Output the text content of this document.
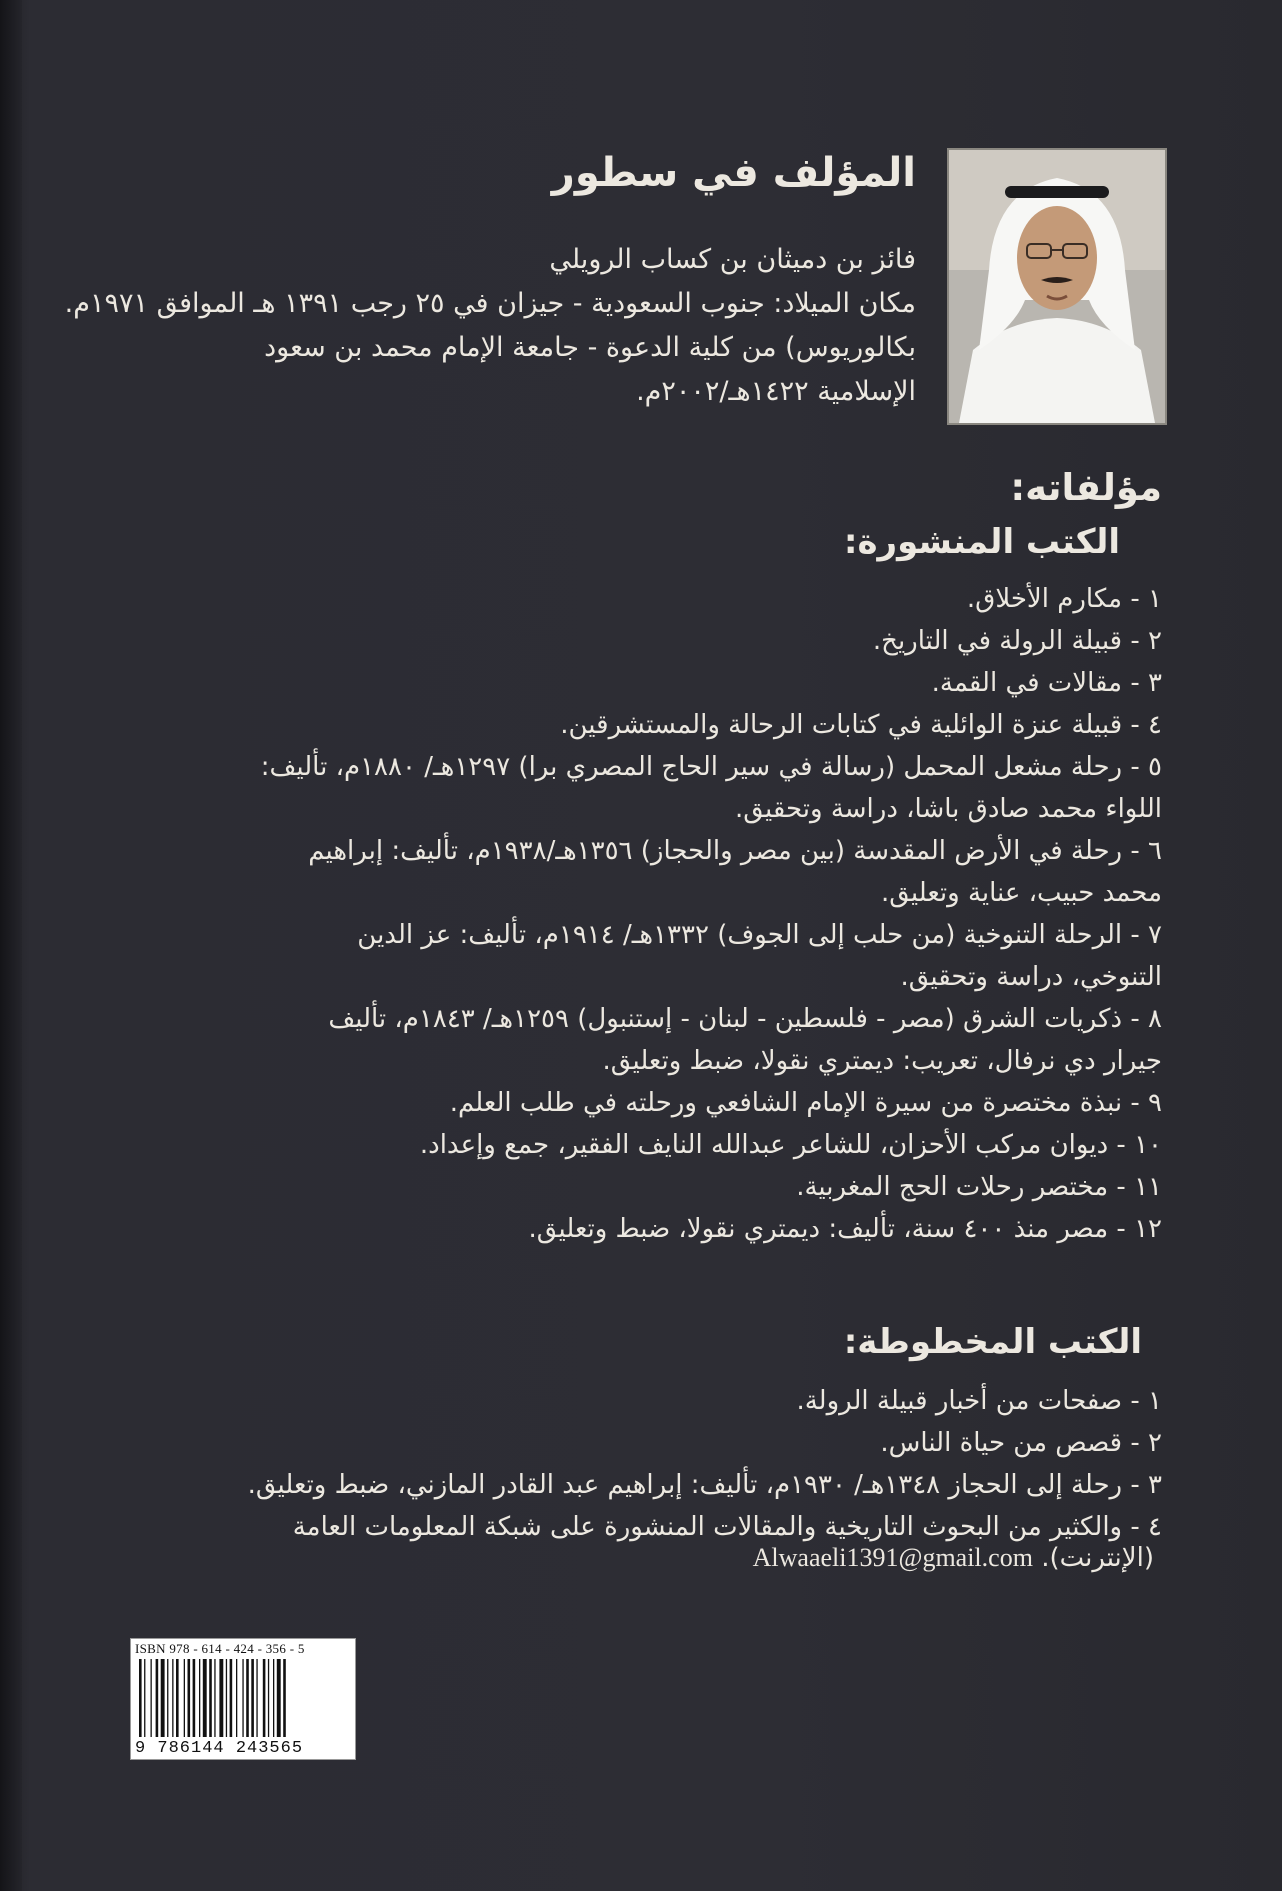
المؤلف في سطور
فائز بن دميثان بن كساب الرويلي
مكان الميلاد: جنوب السعودية - جيزان في ٢٥ رجب ١٣٩١ هـ الموافق ١٩٧١م.
بكالوريوس) من كلية الدعوة - جامعة الإمام محمد بن سعود
الإسلامية ١٤٢٢هـ/٢٠٠٢م.
مؤلفاته:
الكتب المنشورة:
١ - مكارم الأخلاق.
٢ - قبيلة الرولة في التاريخ.
٣ - مقالات في القمة.
٤ - قبيلة عنزة الوائلية في كتابات الرحالة والمستشرقين.
٥ - رحلة مشعل المحمل (رسالة في سير الحاج المصري برا) ١٢٩٧هـ/ ١٨٨٠م، تأليف:
اللواء محمد صادق باشا، دراسة وتحقيق.
٦ - رحلة في الأرض المقدسة (بين مصر والحجاز) ١٣٥٦هـ/١٩٣٨م، تأليف: إبراهيم
محمد حبيب، عناية وتعليق.
٧ - الرحلة التنوخية (من حلب إلى الجوف) ١٣٣٢هـ/ ١٩١٤م، تأليف: عز الدين
التنوخي، دراسة وتحقيق.
٨ - ذكريات الشرق (مصر - فلسطين - لبنان - إستنبول) ١٢٥٩هـ/ ١٨٤٣م، تأليف
جيرار دي نرفال، تعريب: ديمتري نقولا، ضبط وتعليق.
٩ - نبذة مختصرة من سيرة الإمام الشافعي ورحلته في طلب العلم.
١٠ - ديوان مركب الأحزان، للشاعر عبدالله النايف الفقير، جمع وإعداد.
١١ - مختصر رحلات الحج المغربية.
١٢ - مصر منذ ٤٠٠ سنة، تأليف: ديمتري نقولا، ضبط وتعليق.
الكتب المخطوطة:
١ - صفحات من أخبار قبيلة الرولة.
٢ - قصص من حياة الناس.
٣ - رحلة إلى الحجاز ١٣٤٨هـ/ ١٩٣٠م، تأليف: إبراهيم عبد القادر المازني، ضبط وتعليق.
٤ - والكثير من البحوث التاريخية والمقالات المنشورة على شبكة المعلومات العامة
(الإنترنت). Alwaaeli1391@gmail.com
ISBN 978 - 614 - 424 - 356 - 5
9 786144 243565
